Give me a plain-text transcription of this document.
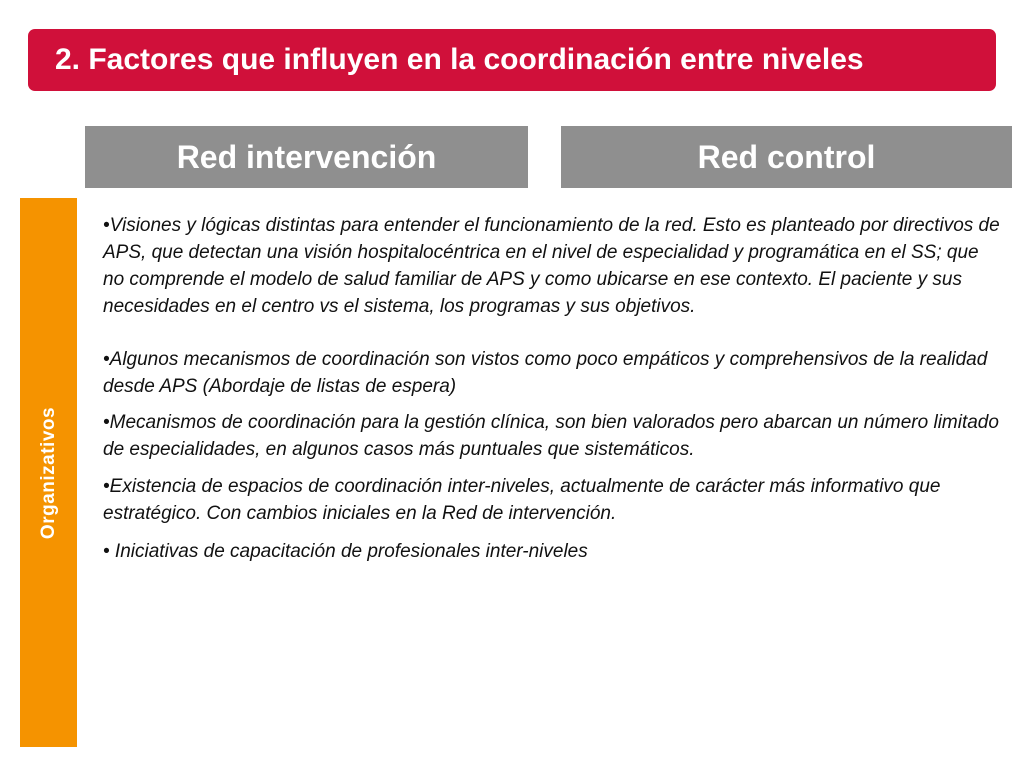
2. Factores que influyen en la coordinación entre niveles
Red intervención	Red control
Organizativos

•Visiones y lógicas distintas para entender el funcionamiento de la red. Esto es planteado por directivos de APS, que detectan una visión hospitalocéntrica en el nivel de especialidad y programática en el SS; que no comprende el modelo de salud familiar de APS y como ubicarse en ese contexto. El paciente y sus necesidades en el centro vs el sistema, los programas y sus objetivos.

•Algunos mecanismos de coordinación son vistos como poco empáticos y comprehensivos de la realidad desde APS (Abordaje de listas de espera)

•Mecanismos de coordinación para la gestión clínica, son bien valorados pero abarcan un número limitado de especialidades, en algunos casos más puntuales que sistemáticos.

•Existencia de espacios de coordinación inter-niveles, actualmente de carácter más informativo que estratégico. Con cambios iniciales en la Red de intervención.

• Iniciativas de capacitación de profesionales inter-niveles
